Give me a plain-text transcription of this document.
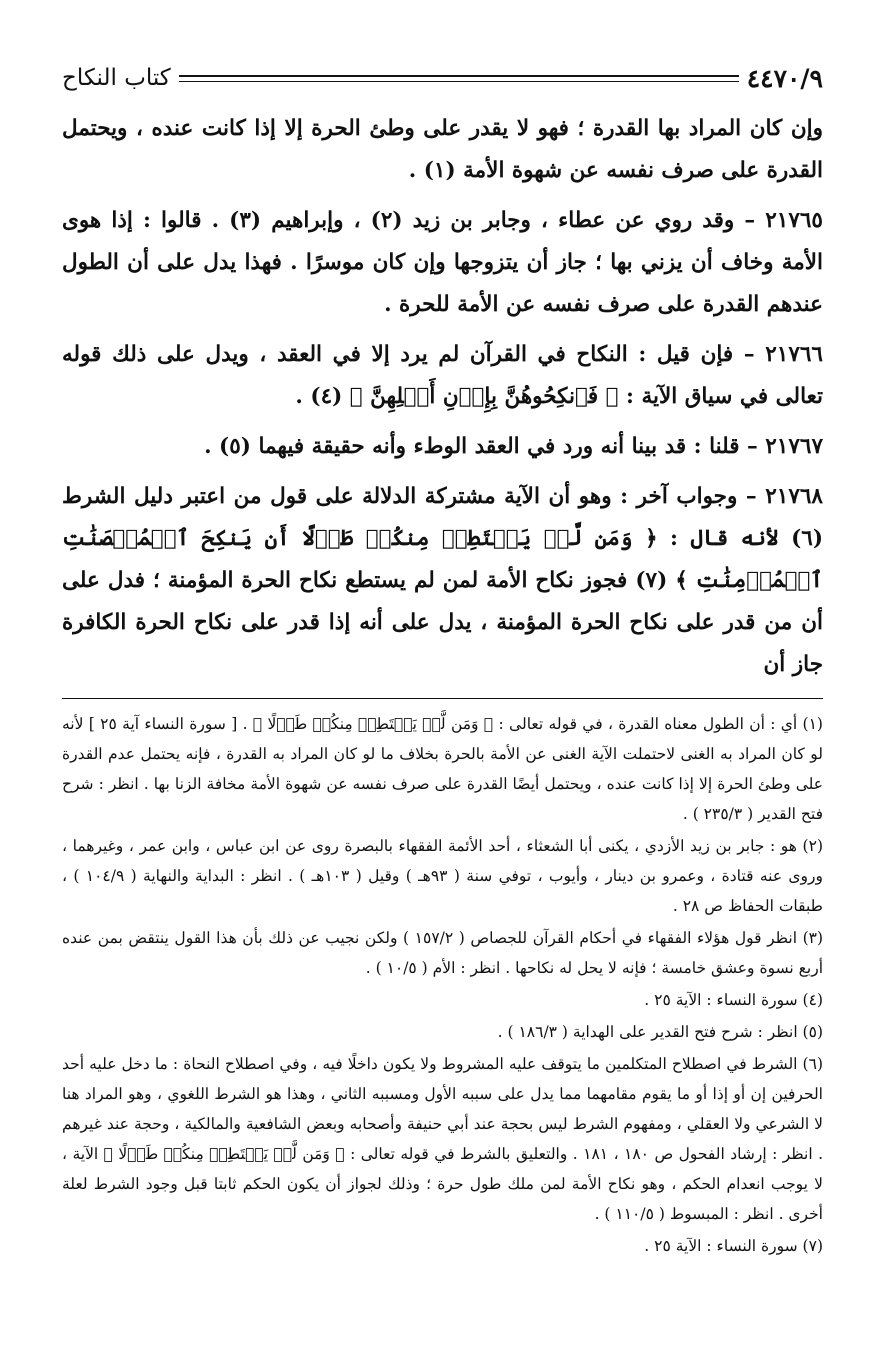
٤٤٧٠/٩
كتاب النكاح

وإن كان المراد بها القدرة ؛ فهو لا يقدر على وطئ الحرة إلا إذا كانت عنده ، ويحتمل القدرة على صرف نفسه عن شهوة الأمة (١) .

٢١٧٦٥ – وقد روي عن عطاء ، وجابر بن زيد (٢) ، وإبراهيم (٣) . قالوا : إذا هوى الأمة وخاف أن يزني بها ؛ جاز أن يتزوجها وإن كان موسرًا . فهذا يدل على أن الطول عندهم القدرة على صرف نفسه عن الأمة للحرة .

٢١٧٦٦ – فإن قيل : النكاح في القرآن لم يرد إلا في العقد ، ويدل على ذلك قوله تعالى في سياق الآية : ﴿ فَٱنكِحُوهُنَّ بِإِذۡنِ أَهۡلِهِنَّ ﴾ (٤) .

٢١٧٦٧ – قلنا : قد بينا أنه ورد في العقد الوطء وأنه حقيقة فيهما (٥) .

٢١٧٦٨ – وجواب آخر : وهو أن الآية مشتركة الدلالة على قول من اعتبر دليل الشرط (٦) لأنه قال : ﴿ وَمَن لَّمۡ يَسۡتَطِعۡ مِنكُمۡ طَوۡلًا أَن يَنكِحَ ٱلۡمُحۡصَنَٰتِ ٱلۡمُؤۡمِنَٰتِ ﴾ (٧) فجوز نكاح الأمة لمن لم يستطع نكاح الحرة المؤمنة ؛ فدل على أن من قدر على نكاح الحرة المؤمنة ، يدل على أنه إذا قدر على نكاح الحرة الكافرة جاز أن

(١) أي : أن الطول معناه القدرة ، في قوله تعالى : ﴿ وَمَن لَّمۡ يَسۡتَطِعۡ مِنكُمۡ طَوۡلًا ﴾ . [ سورة النساء آية ٢٥ ] لأنه لو كان المراد به الغنى لاحتملت الآية الغنى عن الأمة بالحرة بخلاف ما لو كان المراد به القدرة ، فإنه يحتمل عدم القدرة على وطئ الحرة إلا إذا كانت عنده ، ويحتمل أيضًا القدرة على صرف نفسه عن شهوة الأمة مخافة الزنا بها . انظر : شرح فتح القدير ( ٢٣٥/٣ ) .

(٢) هو : جابر بن زيد الأزدي ، يكنى أبا الشعثاء ، أحد الأئمة الفقهاء بالبصرة روى عن ابن عباس ، وابن عمر ، وغيرهما ، وروى عنه قتادة ، وعمرو بن دينار ، وأيوب ، توفي سنة ( ٩٣هـ ) وقيل ( ١٠٣هـ ) . انظر : البداية والنهاية ( ١٠٤/٩ ) ، طبقات الحفاظ ص ٢٨ .

(٣) انظر قول هؤلاء الفقهاء في أحكام القرآن للجصاص ( ١٥٧/٢ ) ولكن نجيب عن ذلك بأن هذا القول ينتقض بمن عنده أربع نسوة وعشق خامسة ؛ فإنه لا يحل له نكاحها . انظر : الأم ( ١٠/٥ ) .

(٤) سورة النساء : الآية ٢٥ .

(٥) انظر : شرح فتح القدير على الهداية ( ١٨٦/٣ ) .

(٦) الشرط في اصطلاح المتكلمين ما يتوقف عليه المشروط ولا يكون داخلًا فيه ، وفي اصطلاح النحاة : ما دخل عليه أحد الحرفين إن أو إذا أو ما يقوم مقامهما مما يدل على سببه الأول ومسببه الثاني ، وهذا هو الشرط اللغوي ، وهو المراد هنا لا الشرعي ولا العقلي ، ومفهوم الشرط ليس بحجة عند أبي حنيفة وأصحابه وبعض الشافعية والمالكية ، وحجة عند غيرهم . انظر : إرشاد الفحول ص ١٨٠ ، ١٨١ . والتعليق بالشرط في قوله تعالى : ﴿ وَمَن لَّمۡ يَسۡتَطِعۡ مِنكُمۡ طَوۡلًا ﴾ الآية ، لا يوجب انعدام الحكم ، وهو نكاح الأمة لمن ملك طول حرة ؛ وذلك لجواز أن يكون الحكم ثابتا قبل وجود الشرط لعلة أخرى . انظر : المبسوط ( ١١٠/٥ ) .

(٧) سورة النساء : الآية ٢٥ .
